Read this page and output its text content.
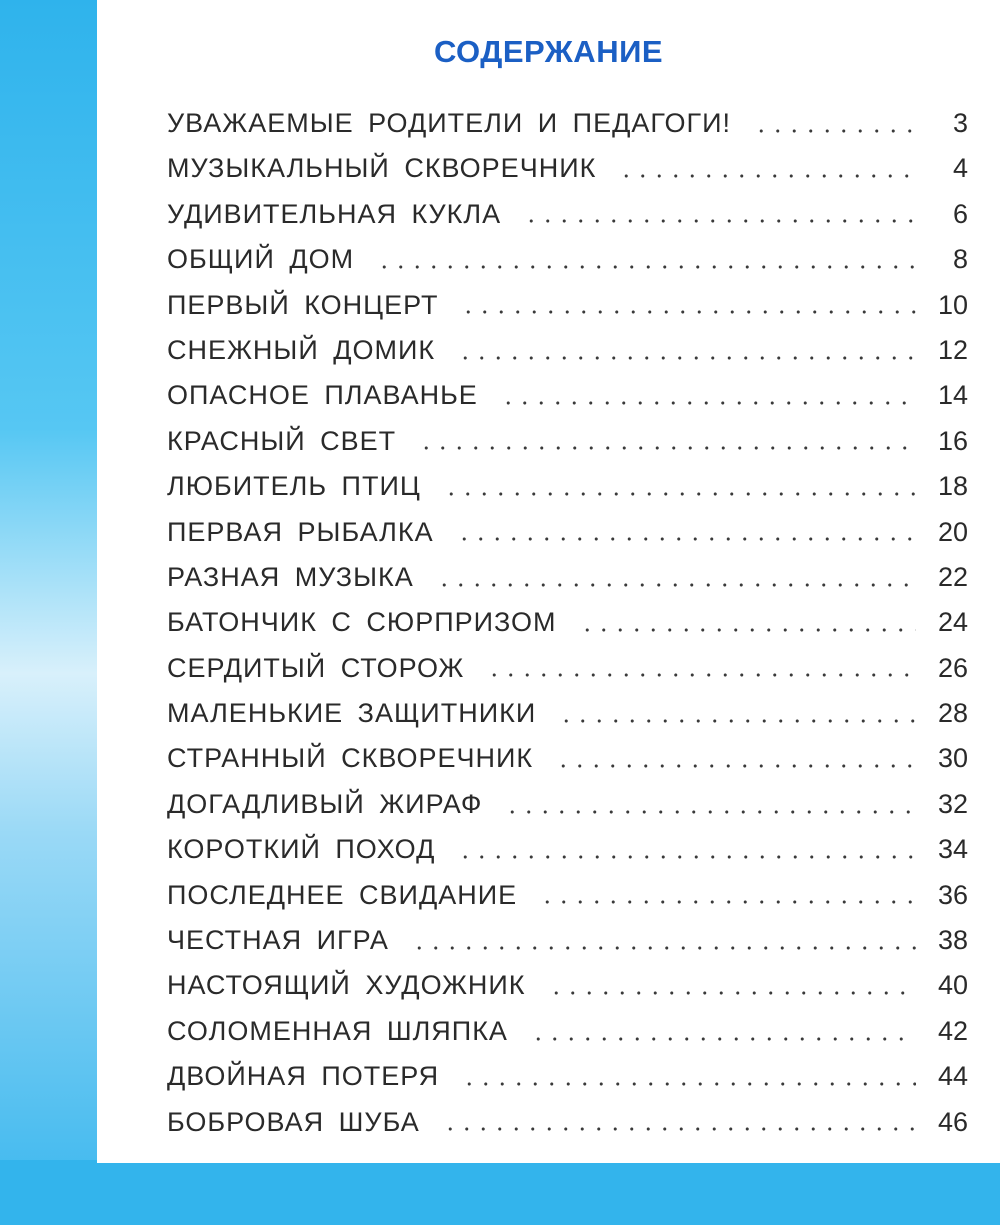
СОДЕРЖАНИЕ
УВАЖАЕМЫЕ РОДИТЕЛИ И ПЕДАГОГИ!	3
МУЗЫКАЛЬНЫЙ СКВОРЕЧНИК	4
УДИВИТЕЛЬНАЯ КУКЛА	6
ОБЩИЙ ДОМ	8
ПЕРВЫЙ КОНЦЕРТ	10
СНЕЖНЫЙ ДОМИК	12
ОПАСНОЕ ПЛАВАНЬЕ	14
КРАСНЫЙ СВЕТ	16
ЛЮБИТЕЛЬ ПТИЦ	18
ПЕРВАЯ РЫБАЛКА	20
РАЗНАЯ МУЗЫКА	22
БАТОНЧИК С СЮРПРИЗОМ	24
СЕРДИТЫЙ СТОРОЖ	26
МАЛЕНЬКИЕ ЗАЩИТНИКИ	28
СТРАННЫЙ СКВОРЕЧНИК	30
ДОГАДЛИВЫЙ ЖИРАФ	32
КОРОТКИЙ ПОХОД	34
ПОСЛЕДНЕЕ СВИДАНИЕ	36
ЧЕСТНАЯ ИГРА	38
НАСТОЯЩИЙ ХУДОЖНИК	40
СОЛОМЕННАЯ ШЛЯПКА	42
ДВОЙНАЯ ПОТЕРЯ	44
БОБРОВАЯ ШУБА	46
